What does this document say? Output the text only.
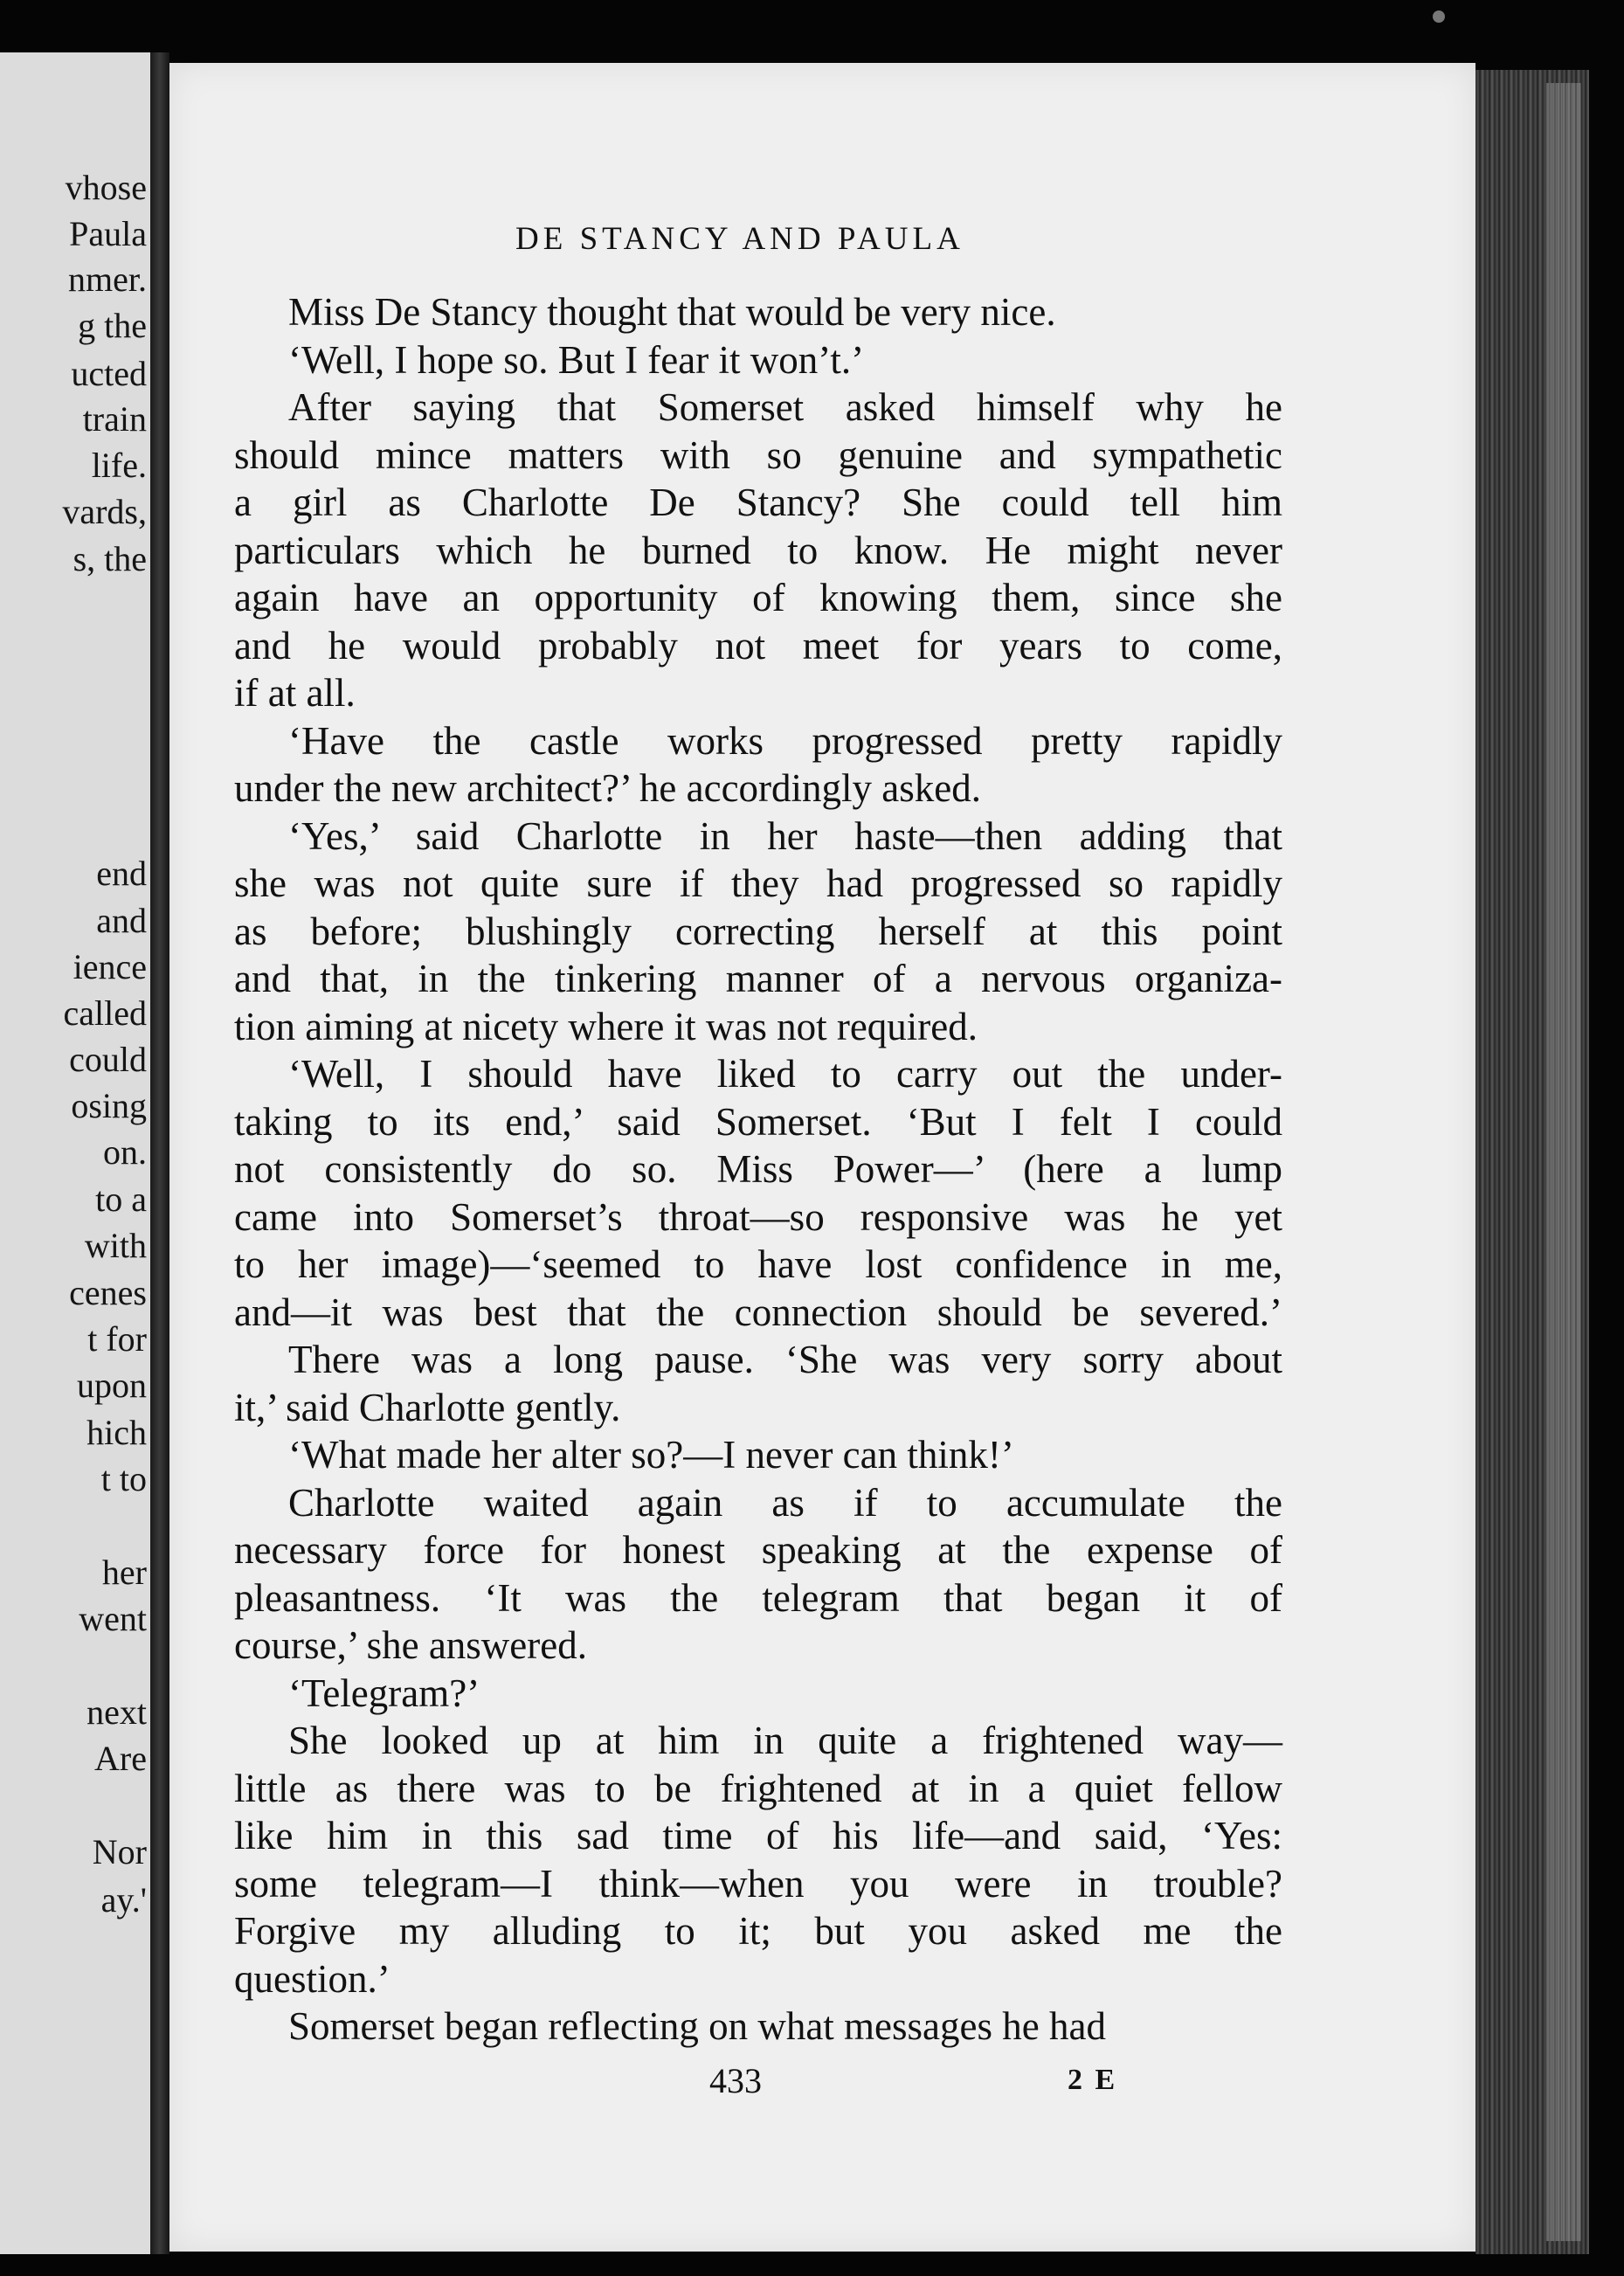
vhose
Paula
nmer.
g the
ucted
train
life.
vards,
s, the
end
and
ience
called
could
osing
on.
to a
with
cenes
t for
upon
hich
t to
her
went
next
Are
Nor
ay.'
DE STANCY AND PAULA
Miss De Stancy thought that would be very nice.
‘Well, I hope so. But I fear it won’t.’
After saying that Somerset asked himself why he
should mince matters with so genuine and sympathetic
a girl as Charlotte De Stancy? She could tell him
particulars which he burned to know. He might never
again have an opportunity of knowing them, since she
and he would probably not meet for years to come,
if at all.
‘Have the castle works progressed pretty rapidly
under the new architect?’ he accordingly asked.
‘Yes,’ said Charlotte in her haste—then adding that
she was not quite sure if they had progressed so rapidly
as before; blushingly correcting herself at this point
and that, in the tinkering manner of a nervous organiza-
tion aiming at nicety where it was not required.
‘Well, I should have liked to carry out the under-
taking to its end,’ said Somerset. ‘But I felt I could
not consistently do so. Miss Power—’ (here a lump
came into Somerset’s throat—so responsive was he yet
to her image)—‘seemed to have lost confidence in me,
and—it was best that the connection should be severed.’
There was a long pause. ‘She was very sorry about
it,’ said Charlotte gently.
‘What made her alter so?—I never can think!’
Charlotte waited again as if to accumulate the
necessary force for honest speaking at the expense of
pleasantness. ‘It was the telegram that began it of
course,’ she answered.
‘Telegram?’
She looked up at him in quite a frightened way—
little as there was to be frightened at in a quiet fellow
like him in this sad time of his life—and said, ‘Yes:
some telegram—I think—when you were in trouble?
Forgive my alluding to it; but you asked me the
question.’
Somerset began reflecting on what messages he had
433	2 E
